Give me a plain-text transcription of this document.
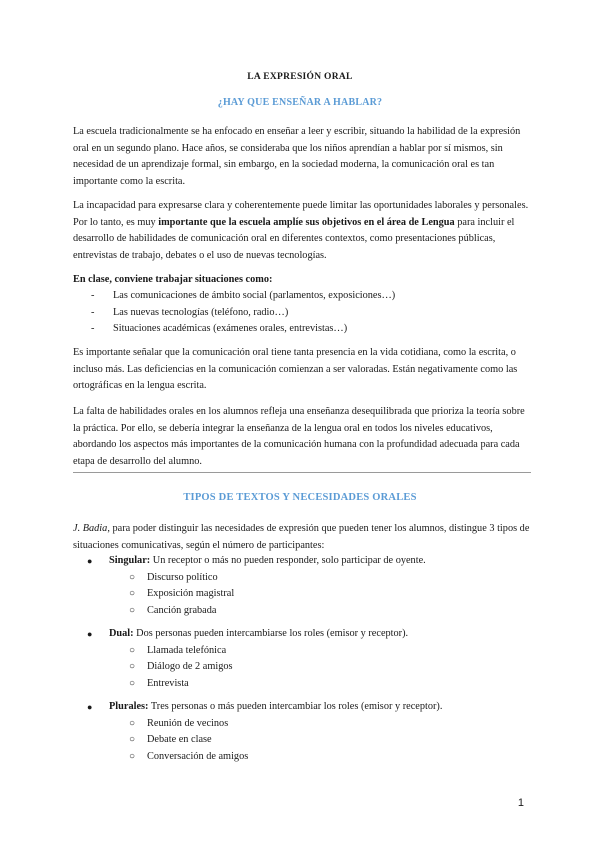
LA EXPRESIÓN ORAL
¿HAY QUE ENSEÑAR A HABLAR?
La escuela tradicionalmente se ha enfocado en enseñar a leer y escribir, situando la habilidad de la expresión oral en un segundo plano. Hace años, se consideraba que los niños aprendían a hablar por sí mismos, sin necesidad de un aprendizaje formal, sin embargo, en la sociedad moderna, la comunicación oral es tan importante como la escrita.
La incapacidad para expresarse clara y coherentemente puede limitar las oportunidades laborales y personales. Por lo tanto, es muy importante que la escuela amplíe sus objetivos en el área de Lengua para incluir el desarrollo de habilidades de comunicación oral en diferentes contextos, como presentaciones públicas, entrevistas de trabajo, debates o el uso de nuevas tecnologías.
En clase, conviene trabajar situaciones como:
-	Las comunicaciones de ámbito social (parlamentos, exposiciones…)
-	Las nuevas tecnologías (teléfono, radio…)
-	Situaciones académicas (exámenes orales, entrevistas…)
Es importante señalar que la comunicación oral tiene tanta presencia en la vida cotidiana, como la escrita, o incluso más. Las deficiencias en la comunicación comienzan a ser valoradas. Están negativamente como las ortográficas en la lengua escrita.
La falta de habilidades orales en los alumnos refleja una enseñanza desequilibrada que prioriza la teoría sobre la práctica. Por ello, se debería integrar la enseñanza de la lengua oral en todos los niveles educativos, abordando los aspectos más importantes de la comunicación humana con la profundidad adecuada para cada etapa de desarrollo del alumno.
TIPOS DE TEXTOS Y NECESIDADES ORALES
J. Badia, para poder distinguir las necesidades de expresión que pueden tener los alumnos, distingue 3 tipos de situaciones comunicativas, según el número de participantes:
●	Singular: Un receptor o más no pueden responder, solo participar de oyente.
○	Discurso político
○	Exposición magistral
○	Canción grabada
●	Dual: Dos personas pueden intercambiarse los roles (emisor y receptor).
○	Llamada telefónica
○	Diálogo de 2 amigos
○	Entrevista
●	Plurales: Tres personas o más pueden intercambiar los roles (emisor y receptor).
○	Reunión de vecinos
○	Debate en clase
○	Conversación de amigos
1
